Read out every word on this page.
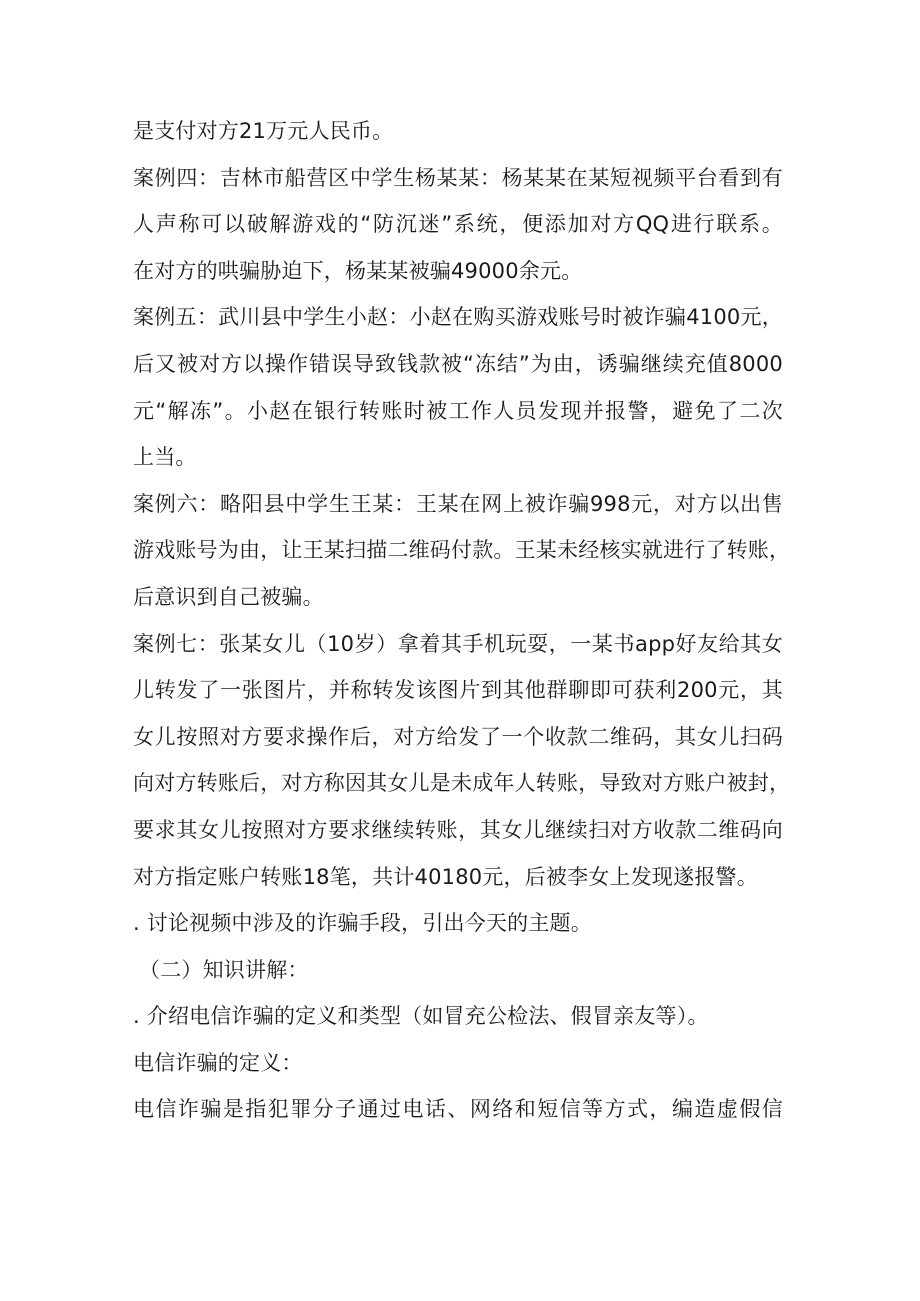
是支付对方21万元人民币。
案例四：吉林市船营区中学生杨某某：杨某某在某短视频平台看到有
人声称可以破解游戏的“防沉迷”系统，便添加对方QQ进行联系。
在对方的哄骗胁迫下，杨某某被骗49000余元。
案例五：武川县中学生小赵：小赵在购买游戏账号时被诈骗4100元，
后又被对方以操作错误导致钱款被“冻结”为由，诱骗继续充值8000
元“解冻”。小赵在银行转账时被工作人员发现并报警，避免了二次
上当。
案例六：略阳县中学生王某：王某在网上被诈骗998元，对方以出售
游戏账号为由，让王某扫描二维码付款。王某未经核实就进行了转账，
后意识到自己被骗。
案例七：张某女儿（10岁）拿着其手机玩耍，一某书app好友给其女
儿转发了一张图片，并称转发该图片到其他群聊即可获利200元，其
女儿按照对方要求操作后，对方给发了一个收款二维码，其女儿扫码
向对方转账后，对方称因其女儿是未成年人转账，导致对方账户被封，
要求其女儿按照对方要求继续转账，其女儿继续扫对方收款二维码向
对方指定账户转账18笔，共计40180元，后被李女上发现遂报警。
. 讨论视频中涉及的诈骗手段，引出今天的主题。
（二）知识讲解：
. 介绍电信诈骗的定义和类型（如冒充公检法、假冒亲友等）。
电信诈骗的定义：
电信诈骗是指犯罪分子通过电话、网络和短信等方式，编造虚假信
